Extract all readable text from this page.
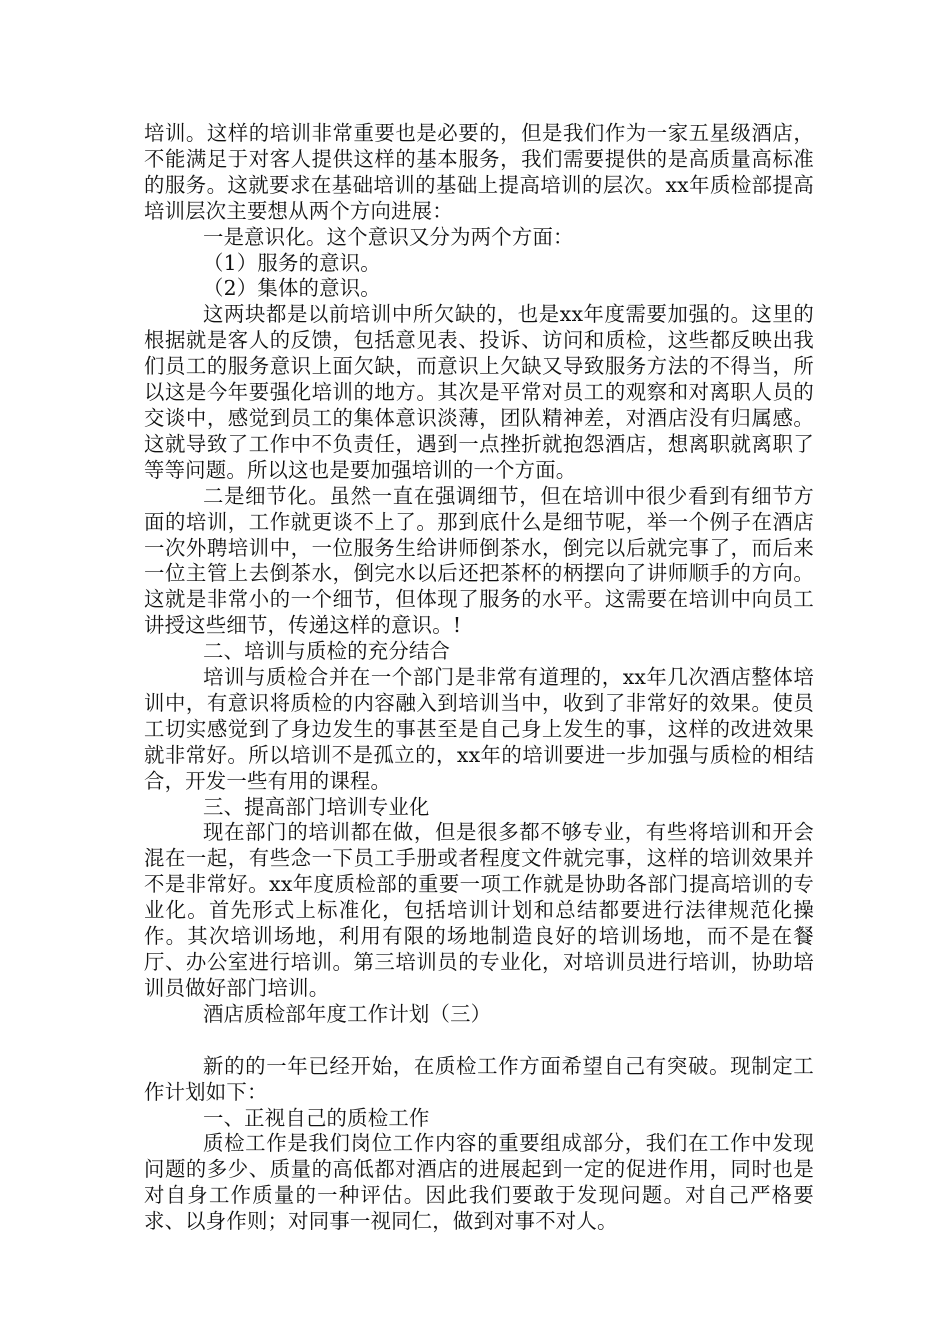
培训。这样的培训非常重要也是必要的，但是我们作为一家五星级酒店，不能满足于对客人提供这样的基本服务，我们需要提供的是高质量高标准的服务。这就要求在基础培训的基础上提高培训的层次。xx年质检部提高培训层次主要想从两个方向进展：

一是意识化。这个意识又分为两个方面：

（1）服务的意识。

（2）集体的意识。

这两块都是以前培训中所欠缺的，也是xx年度需要加强的。这里的根据就是客人的反馈，包括意见表、投诉、访问和质检，这些都反映出我们员工的服务意识上面欠缺，而意识上欠缺又导致服务方法的不得当，所以这是今年要强化培训的地方。其次是平常对员工的观察和对离职人员的交谈中，感觉到员工的集体意识淡薄，团队精神差，对酒店没有归属感。这就导致了工作中不负责任，遇到一点挫折就抱怨酒店，想离职就离职了等等问题。所以这也是要加强培训的一个方面。

二是细节化。虽然一直在强调细节，但在培训中很少看到有细节方面的培训，工作就更谈不上了。那到底什么是细节呢，举一个例子在酒店一次外聘培训中，一位服务生给讲师倒茶水，倒完以后就完事了，而后来一位主管上去倒茶水，倒完水以后还把茶杯的柄摆向了讲师顺手的方向。这就是非常小的一个细节，但体现了服务的水平。这需要在培训中向员工讲授这些细节，传递这样的意识。!

二、培训与质检的充分结合

培训与质检合并在一个部门是非常有道理的，xx年几次酒店整体培训中，有意识将质检的内容融入到培训当中，收到了非常好的效果。使员工切实感觉到了身边发生的事甚至是自己身上发生的事，这样的改进效果就非常好。所以培训不是孤立的，xx年的培训要进一步加强与质检的相结合，开发一些有用的课程。

三、提高部门培训专业化

现在部门的培训都在做，但是很多都不够专业，有些将培训和开会混在一起，有些念一下员工手册或者程度文件就完事，这样的培训效果并不是非常好。xx年度质检部的重要一项工作就是协助各部门提高培训的专业化。首先形式上标准化，包括培训计划和总结都要进行法律规范化操作。其次培训场地，利用有限的场地制造良好的培训场地，而不是在餐厅、办公室进行培训。第三培训员的专业化，对培训员进行培训，协助培训员做好部门培训。

酒店质检部年度工作计划（三）

新的的一年已经开始，在质检工作方面希望自己有突破。现制定工作计划如下：

一、正视自己的质检工作

质检工作是我们岗位工作内容的重要组成部分，我们在工作中发现问题的多少、质量的高低都对酒店的进展起到一定的促进作用，同时也是对自身工作质量的一种评估。因此我们要敢于发现问题。对自己严格要求、以身作则；对同事一视同仁，做到对事不对人。
